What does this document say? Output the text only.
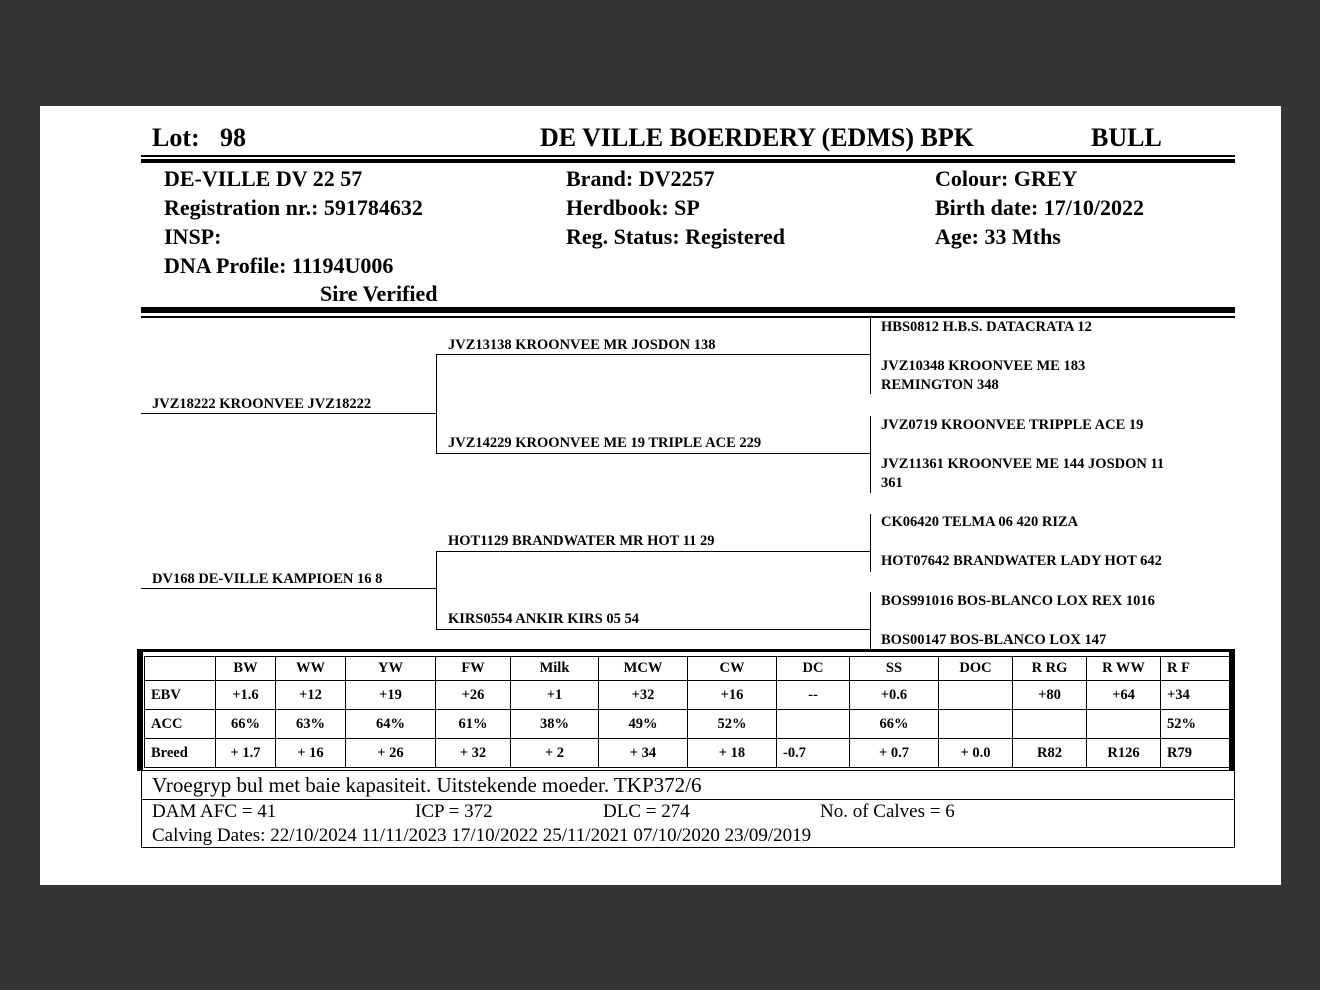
Lot: 98	DE VILLE BOERDERY (EDMS) BPK	BULL
DE-VILLE DV 22 57
Registration nr.: 591784632
INSP:
DNA Profile: 11194U006
Sire Verified
Brand: DV2257
Herdbook: SP
Reg. Status: Registered
Colour: GREY
Birth date: 17/10/2022
Age: 33 Mths
JVZ18222 KROONVEE JVZ18222
DV168 DE-VILLE KAMPIOEN 16 8
JVZ13138 KROONVEE MR JOSDON 138
JVZ14229 KROONVEE ME 19 TRIPLE ACE 229
HOT1129 BRANDWATER MR HOT 11 29
KIRS0554 ANKIR KIRS 05 54
HBS0812 H.B.S. DATACRATA 12
JVZ10348 KROONVEE ME 183
REMINGTON 348
JVZ0719 KROONVEE TRIPPLE ACE 19
JVZ11361 KROONVEE ME 144 JOSDON 11
361
CK06420 TELMA 06 420 RIZA
HOT07642 BRANDWATER LADY HOT 642
BOS991016 BOS-BLANCO LOX REX 1016
BOS00147 BOS-BLANCO LOX 147
	BW	WW	YW	FW	Milk	MCW	CW	DC	SS	DOC	R RG	R WW	R F
EBV	+1.6	+12	+19	+26	+1	+32	+16	--	+0.6		+80	+64	+34
ACC	66%	63%	64%	61%	38%	49%	52%		66%				52%
Breed	+ 1.7	+ 16	+ 26	+ 32	+ 2	+ 34	+ 18	-0.7	+ 0.7	+ 0.0	R82	R126	R79
Vroegryp bul met baie kapasiteit. Uitstekende moeder. TKP372/6
DAM AFC = 41	ICP = 372	DLC = 274	No. of Calves = 6
Calving Dates: 22/10/2024 11/11/2023 17/10/2022 25/11/2021 07/10/2020 23/09/2019
